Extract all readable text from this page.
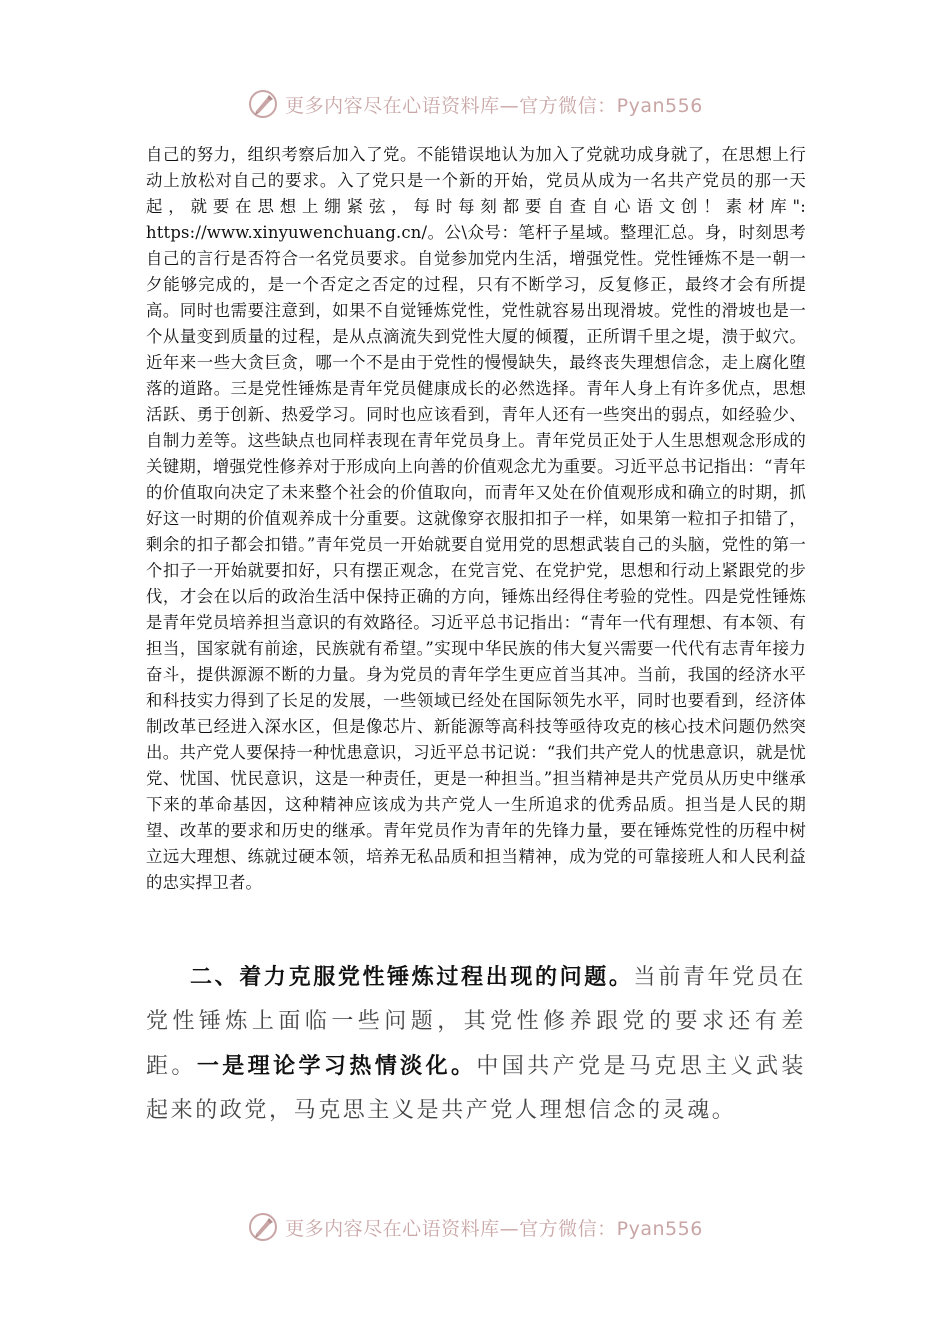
更多内容尽在心语资料库—官方微信：Pyan556

自己的努力，组织考察后加入了党。不能错误地认为加入了党就功成身就了，在思想上行动上放松对自己的要求。入了党只是一个新的开始，党员从成为一名共产党员的那一天起，就要在思想上绷紧弦，每时每刻都要自查自心语文创！素材库": https://www.xinyuwenchuang.cn/。公\众号：笔杆子星域。整理汇总。身，时刻思考自己的言行是否符合一名党员要求。自觉参加党内生活，增强党性。党性锤炼不是一朝一夕能够完成的，是一个否定之否定的过程，只有不断学习，反复修正，最终才会有所提高。同时也需要注意到，如果不自觉锤炼党性，党性就容易出现滑坡。党性的滑坡也是一个从量变到质量的过程，是从点滴流失到党性大厦的倾覆，正所谓千里之堤，溃于蚁穴。近年来一些大贪巨贪，哪一个不是由于党性的慢慢缺失，最终丧失理想信念，走上腐化堕落的道路。三是党性锤炼是青年党员健康成长的必然选择。青年人身上有许多优点，思想活跃、勇于创新、热爱学习。同时也应该看到，青年人还有一些突出的弱点，如经验少、自制力差等。这些缺点也同样表现在青年党员身上。青年党员正处于人生思想观念形成的关键期，增强党性修养对于形成向上向善的价值观念尤为重要。习近平总书记指出：“青年的价值取向决定了未来整个社会的价值取向，而青年又处在价值观形成和确立的时期，抓好这一时期的价值观养成十分重要。这就像穿衣服扣扣子一样，如果第一粒扣子扣错了，剩余的扣子都会扣错。”青年党员一开始就要自觉用党的思想武装自己的头脑，党性的第一个扣子一开始就要扣好，只有摆正观念，在党言党、在党护党，思想和行动上紧跟党的步伐，才会在以后的政治生活中保持正确的方向，锤炼出经得住考验的党性。四是党性锤炼是青年党员培养担当意识的有效路径。习近平总书记指出：“青年一代有理想、有本领、有担当，国家就有前途，民族就有希望。”实现中华民族的伟大复兴需要一代代有志青年接力奋斗，提供源源不断的力量。身为党员的青年学生更应首当其冲。当前，我国的经济水平和科技实力得到了长足的发展，一些领域已经处在国际领先水平，同时也要看到，经济体制改革已经进入深水区，但是像芯片、新能源等高科技等亟待攻克的核心技术问题仍然突出。共产党人要保持一种忧患意识，习近平总书记说：“我们共产党人的忧患意识，就是忧党、忧国、忧民意识，这是一种责任，更是一种担当。”担当精神是共产党员从历史中继承下来的革命基因，这种精神应该成为共产党人一生所追求的优秀品质。担当是人民的期望、改革的要求和历史的继承。青年党员作为青年的先锋力量，要在锤炼党性的历程中树立远大理想、练就过硬本领，培养无私品质和担当精神，成为党的可靠接班人和人民利益的忠实捍卫者。

二、着力克服党性锤炼过程出现的问题。当前青年党员在党性锤炼上面临一些问题，其党性修养跟党的要求还有差距。一是理论学习热情淡化。中国共产党是马克思主义武装起来的政党，马克思主义是共产党人理想信念的灵魂。

更多内容尽在心语资料库—官方微信：Pyan556
